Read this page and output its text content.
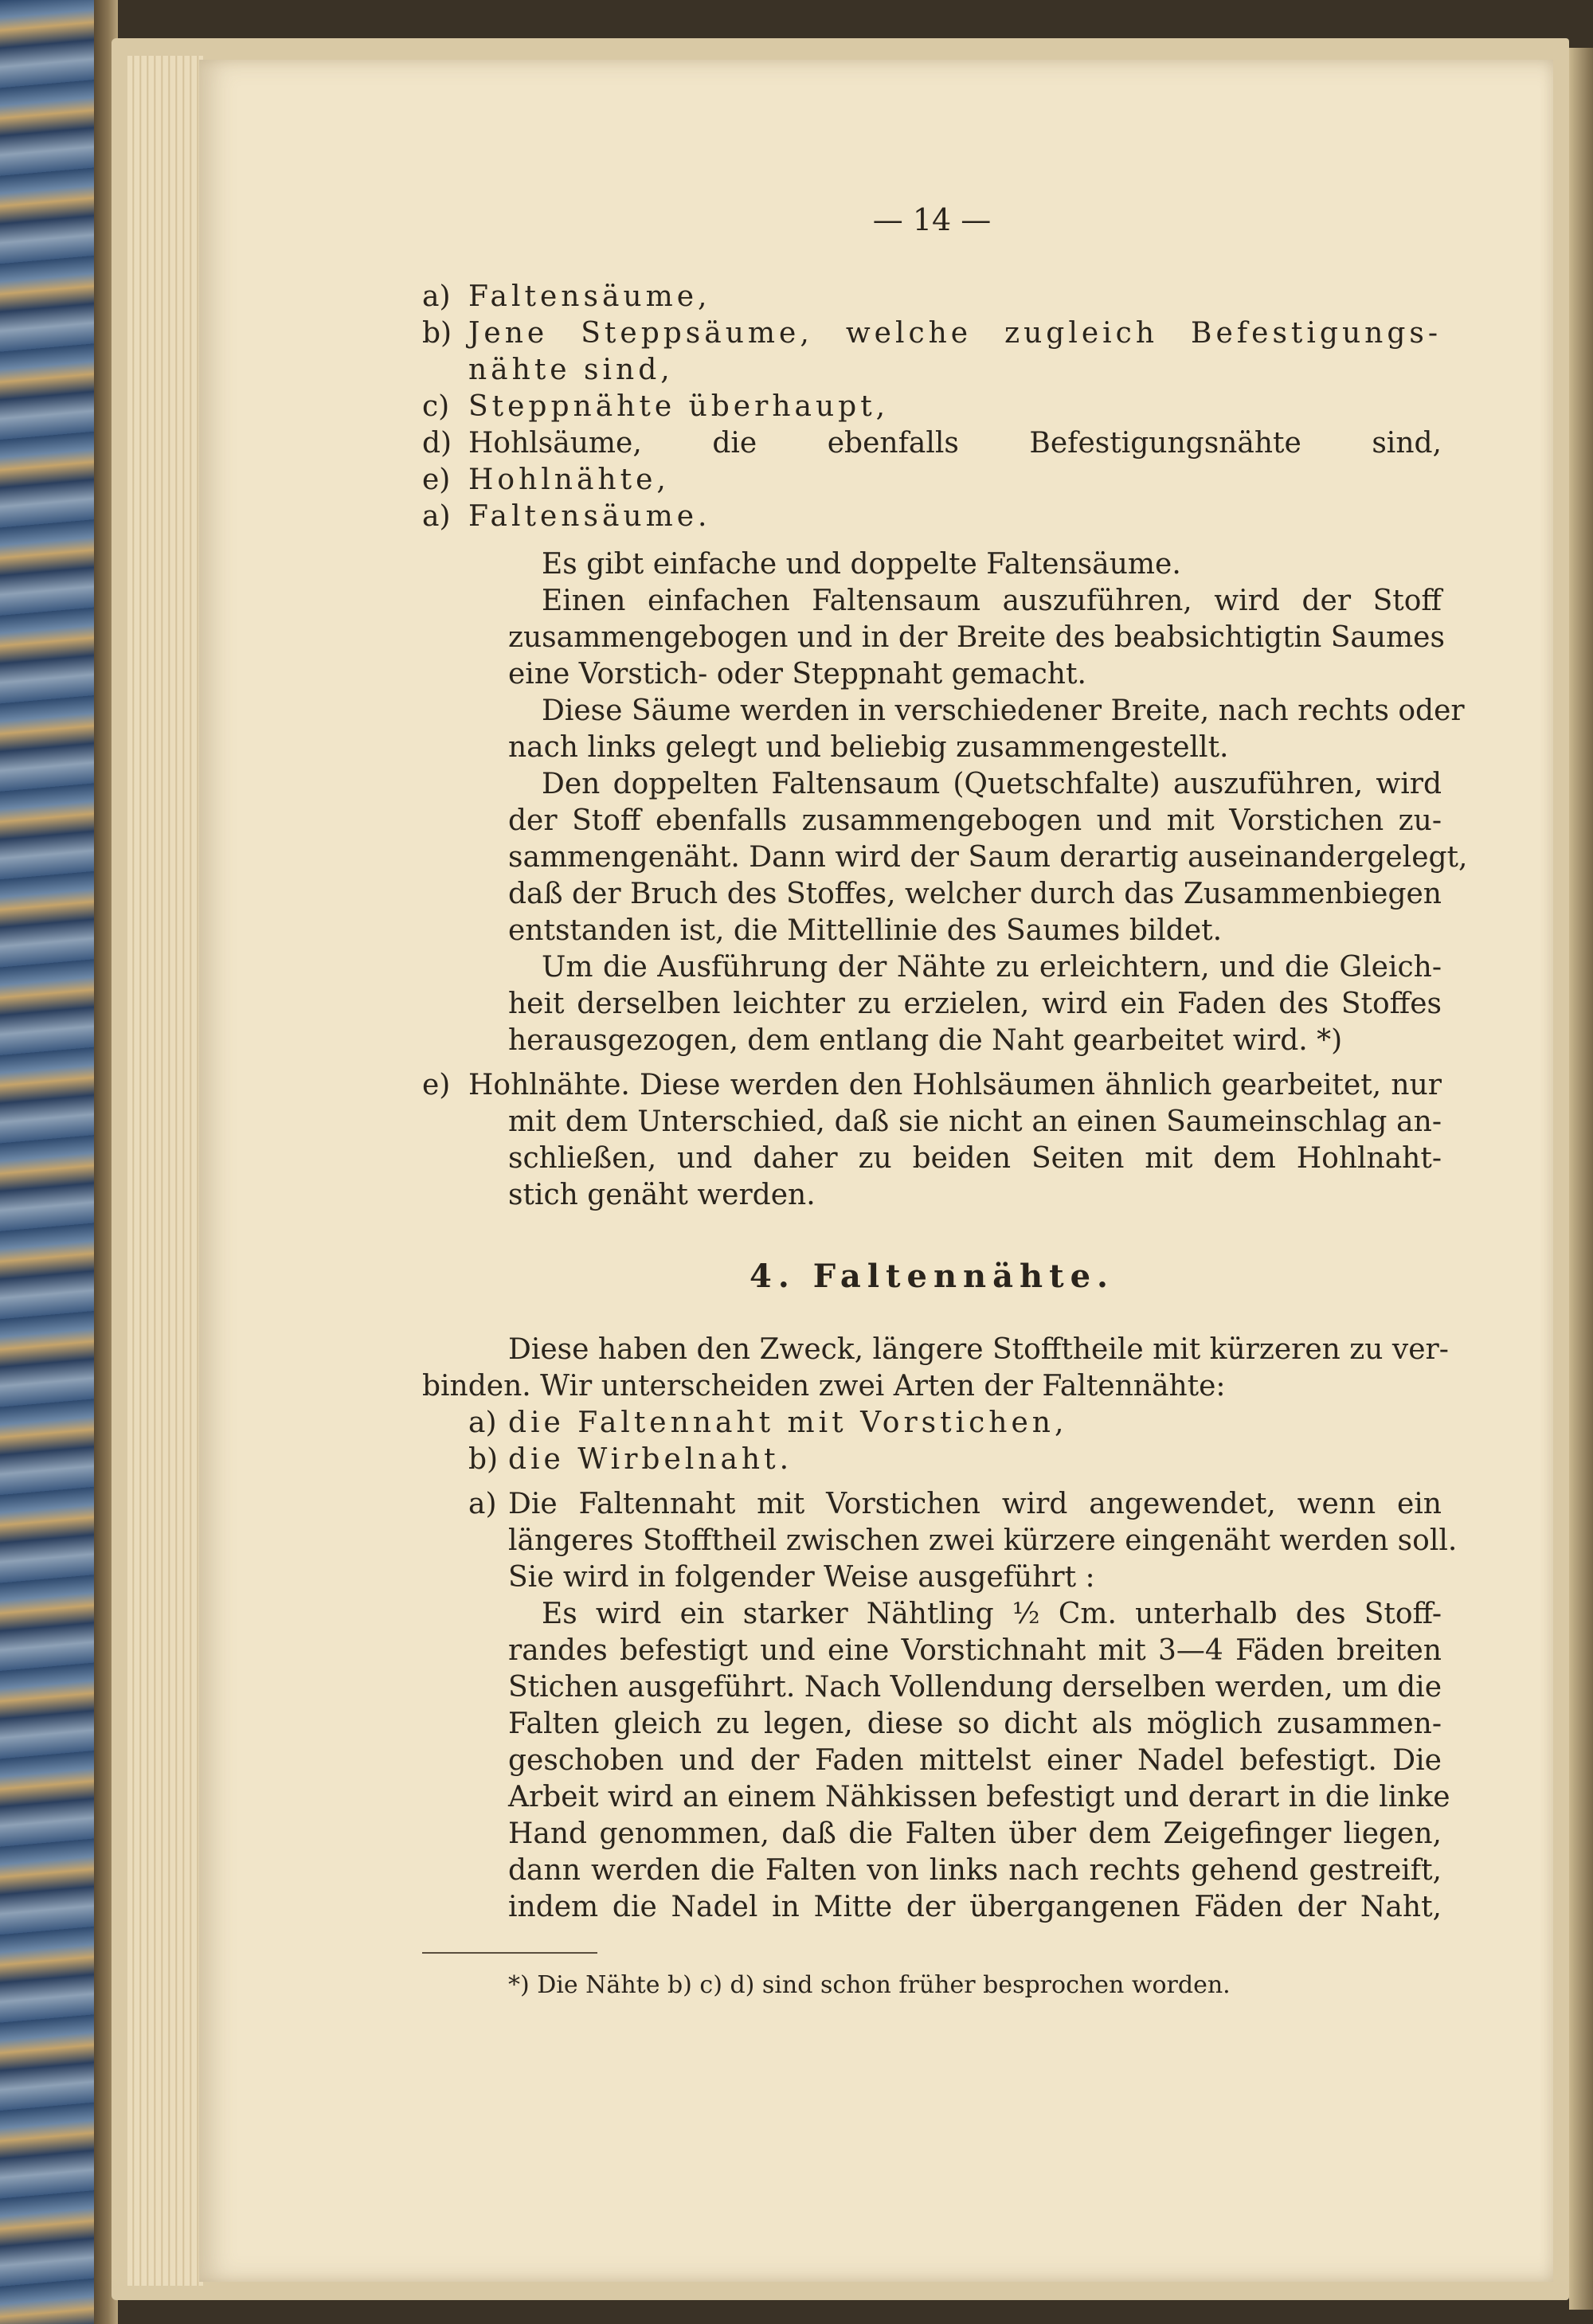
— 14 —
a) Faltensäume,
b) Jene Steppsäume, welche zugleich Befestigungs-
nähte sind,
c) Steppnähte überhaupt,
d) Hohlsäume, die ebenfalls Befestigungsnähte sind,
e) Hohlnähte,
a) Faltensäume.
Es gibt einfache und doppelte Faltensäume.
Einen einfachen Faltensaum auszuführen, wird der Stoff
zusammengebogen und in der Breite des beabsichtigtin Saumes
eine Vorstich- oder Steppnaht gemacht.
Diese Säume werden in verschiedener Breite, nach rechts oder
nach links gelegt und beliebig zusammengestellt.
Den doppelten Faltensaum (Quetschfalte) auszuführen, wird
der Stoff ebenfalls zusammengebogen und mit Vorstichen zu-
sammengenäht. Dann wird der Saum derartig auseinandergelegt,
daß der Bruch des Stoffes, welcher durch das Zusammenbiegen
entstanden ist, die Mittellinie des Saumes bildet.
Um die Ausführung der Nähte zu erleichtern, und die Gleich-
heit derselben leichter zu erzielen, wird ein Faden des Stoffes
herausgezogen, dem entlang die Naht gearbeitet wird. *)
e) Hohlnähte. Diese werden den Hohlsäumen ähnlich gearbeitet, nur
mit dem Unterschied, daß sie nicht an einen Saumeinschlag an-
schließen, und daher zu beiden Seiten mit dem Hohlnaht-
stich genäht werden.
4. Faltennähte.
Diese haben den Zweck, längere Stofftheile mit kürzeren zu ver-
binden. Wir unterscheiden zwei Arten der Faltennähte:
a) die Faltennaht mit Vorstichen,
b) die Wirbelnaht.
a) Die Faltennaht mit Vorstichen wird angewendet, wenn ein
längeres Stofftheil zwischen zwei kürzere eingenäht werden soll.
Sie wird in folgender Weise ausgeführt :
Es wird ein starker Nähtling ½ Cm. unterhalb des Stoff-
randes befestigt und eine Vorstichnaht mit 3—4 Fäden breiten
Stichen ausgeführt. Nach Vollendung derselben werden, um die
Falten gleich zu legen, diese so dicht als möglich zusammen-
geschoben und der Faden mittelst einer Nadel befestigt. Die
Arbeit wird an einem Nähkissen befestigt und derart in die linke
Hand genommen, daß die Falten über dem Zeigefinger liegen,
dann werden die Falten von links nach rechts gehend gestreift,
indem die Nadel in Mitte der übergangenen Fäden der Naht,
*) Die Nähte b) c) d) sind schon früher besprochen worden.
